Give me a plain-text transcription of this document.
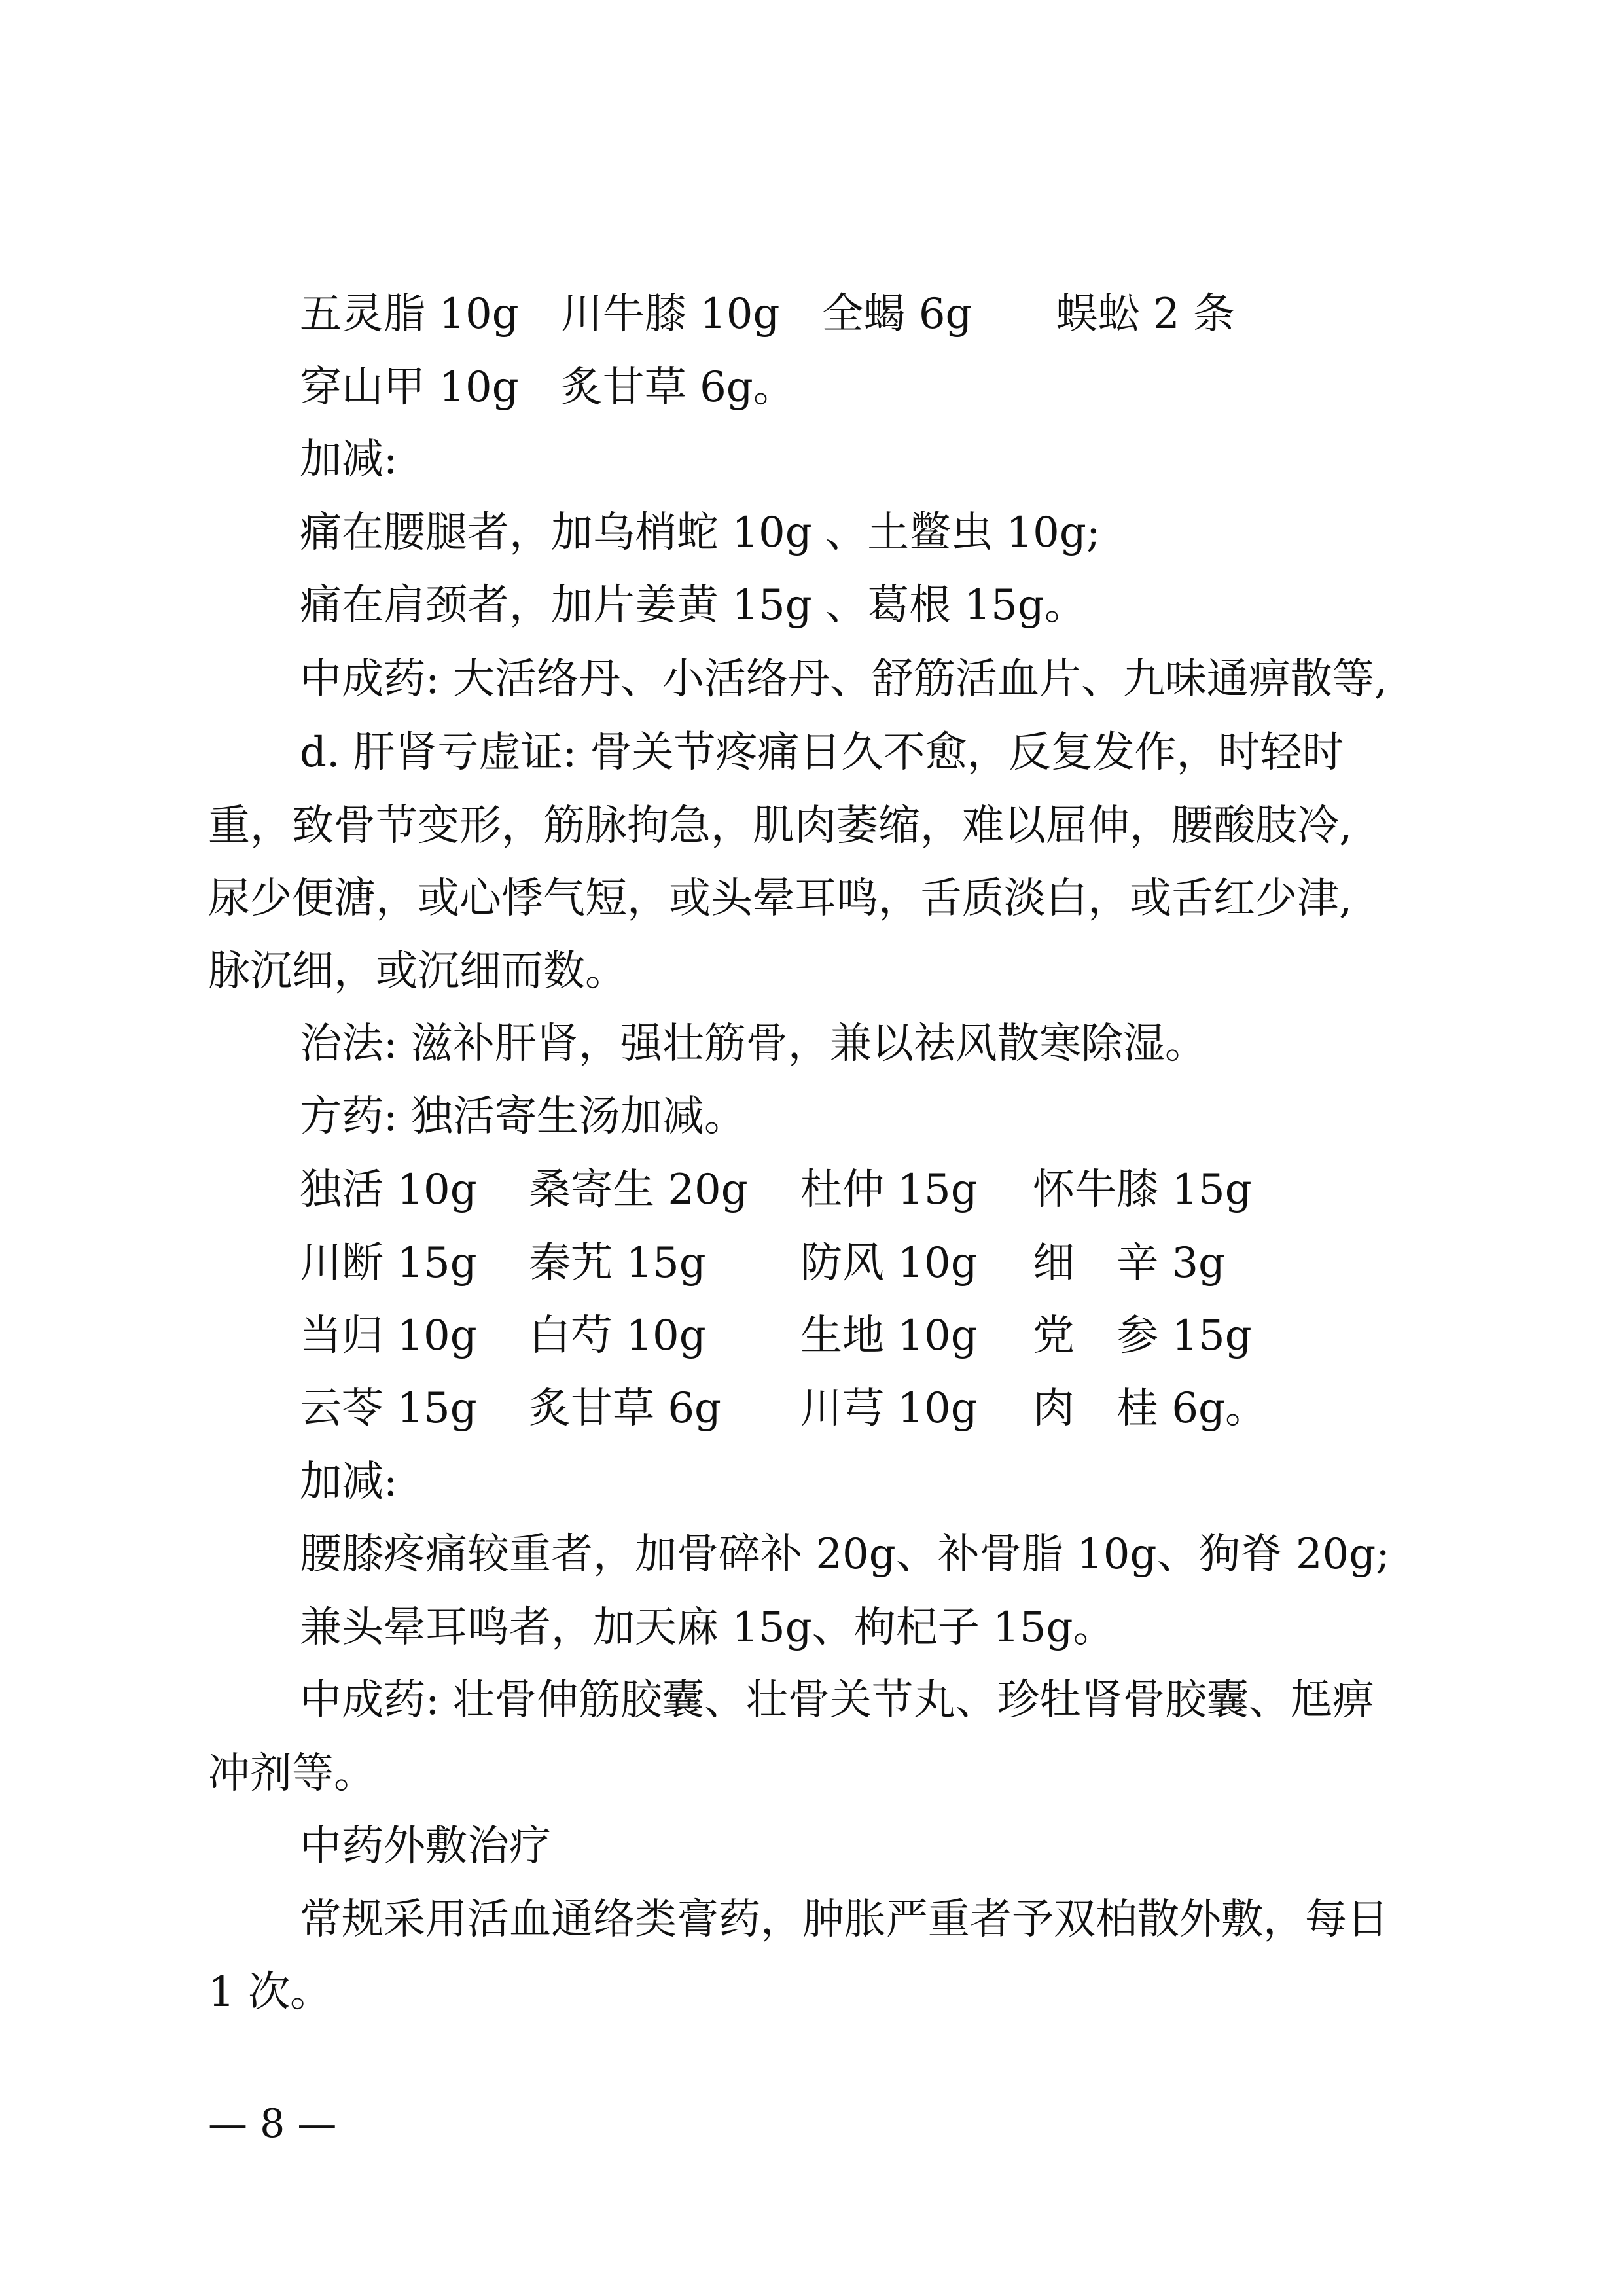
五灵脂 10g　川牛膝 10g　全蝎 6g　　蜈蚣 2 条
穿山甲 10g　炙甘草 6g。
加减:
痛在腰腿者，加乌梢蛇 10g 、土鳖虫 10g;
痛在肩颈者，加片姜黄 15g 、葛根 15g。
中成药: 大活络丹、小活络丹、舒筋活血片、九味通痹散等,
d. 肝肾亏虚证: 骨关节疼痛日久不愈，反复发作，时轻时
重，致骨节变形，筋脉拘急，肌肉萎缩，难以屈伸，腰酸肢冷,
尿少便溏，或心悸气短，或头晕耳鸣，舌质淡白，或舌红少津,
脉沉细，或沉细而数。
治法: 滋补肝肾，强壮筋骨，兼以祛风散寒除湿。
方药: 独活寄生汤加减。
独活 10g 桑寄生 20g 杜仲 15g 怀牛膝 15g
川断 15g 秦艽 15g 防风 10g 细　辛 3g
当归 10g 白芍 10g 生地 10g 党　参 15g
云苓 15g 炙甘草 6g 川芎 10g 肉　桂 6g。
加减:
腰膝疼痛较重者，加骨碎补 20g、补骨脂 10g、狗脊 20g;
兼头晕耳鸣者，加天麻 15g、枸杞子 15g。
中成药: 壮骨伸筋胶囊、壮骨关节丸、珍牡肾骨胶囊、尪痹
冲剂等。
中药外敷治疗
常规采用活血通络类膏药，肿胀严重者予双柏散外敷，每日
1 次。
— 8 —
